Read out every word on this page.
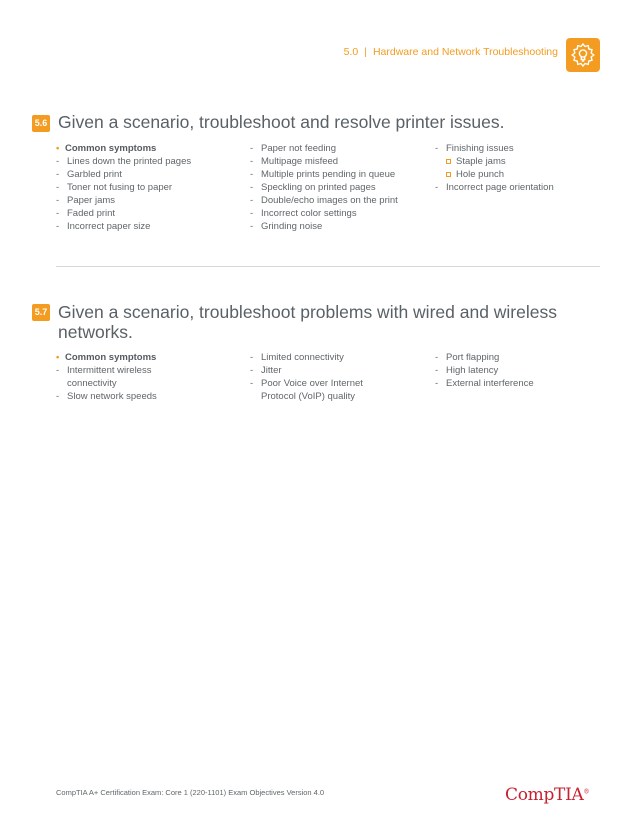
5.0 | Hardware and Network Troubleshooting
5.6 Given a scenario, troubleshoot and resolve printer issues.
• Common symptoms
- Lines down the printed pages
- Garbled print
- Toner not fusing to paper
- Paper jams
- Faded print
- Incorrect paper size
- Paper not feeding
- Multipage misfeed
- Multiple prints pending in queue
- Speckling on printed pages
- Double/echo images on the print
- Incorrect color settings
- Grinding noise
- Finishing issues
Staple jams
Hole punch
- Incorrect page orientation
5.7 Given a scenario, troubleshoot problems with wired and wireless networks.
• Common symptoms
- Intermittent wireless
connectivity
- Slow network speeds
- Limited connectivity
- Jitter
- Poor Voice over Internet
Protocol (VoIP) quality
- Port flapping
- High latency
- External interference
CompTIA A+ Certification Exam: Core 1 (220-1101) Exam Objectives Version 4.0	CompTIA®
